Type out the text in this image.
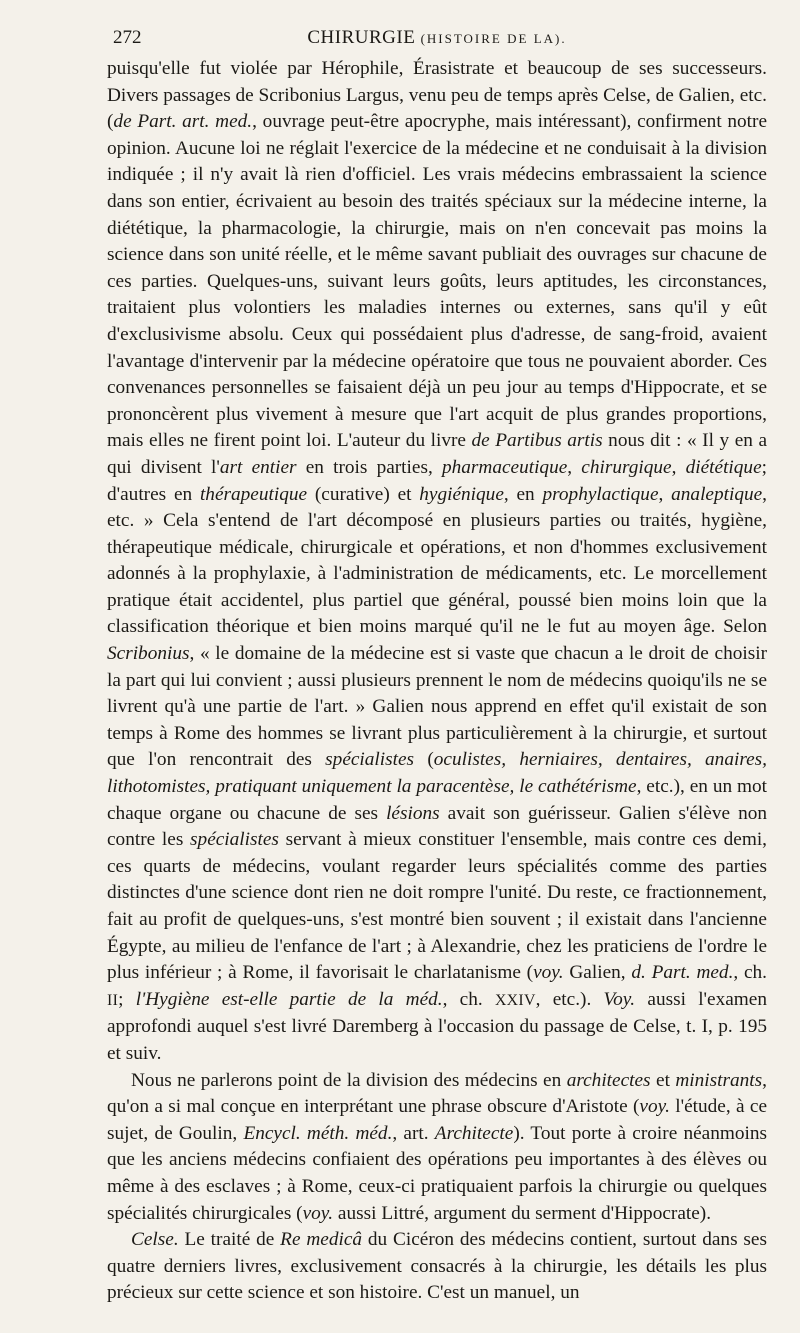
272	CHIRURGIE (HISTOIRE DE LA).

puisqu'elle fut violée par Hérophile, Érasistrate et beaucoup de ses successeurs. Divers passages de Scribonius Largus, venu peu de temps après Celse, de Galien, etc. (de Part. art. med., ouvrage peut-être apocryphe, mais intéressant), confirment notre opinion. Aucune loi ne réglait l'exercice de la médecine et ne conduisait à la division indiquée ; il n'y avait là rien d'officiel. Les vrais médecins embrassaient la science dans son entier, écrivaient au besoin des traités spéciaux sur la médecine interne, la diététique, la pharmacologie, la chirurgie, mais on n'en concevait pas moins la science dans son unité réelle, et le même savant publiait des ouvrages sur chacune de ces parties. Quelques-uns, suivant leurs goûts, leurs aptitudes, les circonstances, traitaient plus volontiers les maladies internes ou externes, sans qu'il y eût d'exclusivisme absolu. Ceux qui possédaient plus d'adresse, de sang-froid, avaient l'avantage d'intervenir par la médecine opératoire que tous ne pouvaient aborder. Ces convenances personnelles se faisaient déjà un peu jour au temps d'Hippocrate, et se prononcèrent plus vivement à mesure que l'art acquit de plus grandes proportions, mais elles ne firent point loi. L'auteur du livre de Partibus artis nous dit : « Il y en a qui divisent l'art entier en trois parties, pharmaceutique, chirurgique, diététique; d'autres en thérapeutique (curative) et hygiénique, en prophylactique, analeptique, etc. » Cela s'entend de l'art décomposé en plusieurs parties ou traités, hygiène, thérapeutique médicale, chirurgicale et opérations, et non d'hommes exclusivement adonnés à la prophylaxie, à l'administration de médicaments, etc. Le morcellement pratique était accidentel, plus partiel que général, poussé bien moins loin que la classification théorique et bien moins marqué qu'il ne le fut au moyen âge. Selon Scribonius, « le domaine de la médecine est si vaste que chacun a le droit de choisir la part qui lui convient ; aussi plusieurs prennent le nom de médecins quoiqu'ils ne se livrent qu'à une partie de l'art. » Galien nous apprend en effet qu'il existait de son temps à Rome des hommes se livrant plus particulièrement à la chirurgie, et surtout que l'on rencontrait des spécialistes (oculistes, herniaires, dentaires, anaires, lithotomistes, pratiquant uniquement la paracentèse, le cathétérisme, etc.), en un mot chaque organe ou chacune de ses lésions avait son guérisseur. Galien s'élève non contre les spécialistes servant à mieux constituer l'ensemble, mais contre ces demi, ces quarts de médecins, voulant regarder leurs spécialités comme des parties distinctes d'une science dont rien ne doit rompre l'unité. Du reste, ce fractionnement, fait au profit de quelques-uns, s'est montré bien souvent ; il existait dans l'ancienne Égypte, au milieu de l'enfance de l'art ; à Alexandrie, chez les praticiens de l'ordre le plus inférieur ; à Rome, il favorisait le charlatanisme (voy. Galien, d. Part. med., ch. II; l'Hygiène est-elle partie de la méd., ch. XXIV, etc.). Voy. aussi l'examen approfondi auquel s'est livré Daremberg à l'occasion du passage de Celse, t. I, p. 195 et suiv.

Nous ne parlerons point de la division des médecins en architectes et ministrants, qu'on a si mal conçue en interprétant une phrase obscure d'Aristote (voy. l'étude, à ce sujet, de Goulin, Encycl. méth. méd., art. Architecte). Tout porte à croire néanmoins que les anciens médecins confiaient des opérations peu importantes à des élèves ou même à des esclaves ; à Rome, ceux-ci pratiquaient parfois la chirurgie ou quelques spécialités chirurgicales (voy. aussi Littré, argument du serment d'Hippocrate).

Celse. Le traité de Re medicâ du Cicéron des médecins contient, surtout dans ses quatre derniers livres, exclusivement consacrés à la chirurgie, les détails les plus précieux sur cette science et son histoire. C'est un manuel, un
